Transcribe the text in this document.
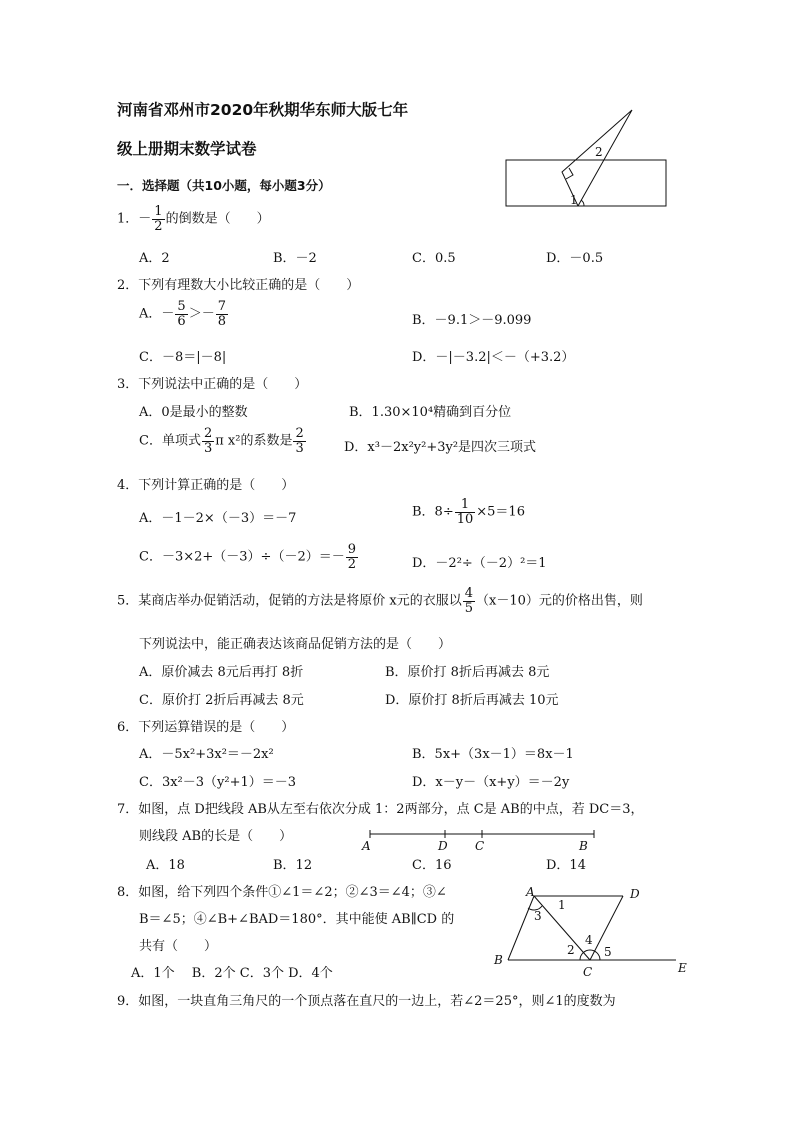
河南省邓州市2020年秋期华东师大版七年
级上册期末数学试卷
一．选择题（共10小题，每小题3分）
1
2
1．－ $\frac{1}{2}$ 的倒数是（　　）
A．2	B．－2	C．0.5	D．－0.5
2．下列有理数大小比较正确的是（　　）
A．－ $\frac{5}{6} >- \frac{7}{8}$	B．－9.1＞－9.099
C．－8＝|－8|	D．－|－3.2|＜－（+3.2）
3．下列说法中正确的是（　　）
A．0是最小的整数	B．1.30×10⁴精确到百分位
C．单项式 $\frac{2}{3}$ π x²的系数是 $\frac{2}{3}$	D．x³－2x²y²+3y²是四次三项式
4．下列计算正确的是（　　）
A．－1－2×（－3）＝－7	B．$8\div \frac{1}{10} \times 5=16$
C．$-3\times 2+(-3)\div(-2)=- \frac{9}{2}$	D．－2²÷（－2）²＝1
5．某商店举办促销活动，促销的方法是将原价 x元的衣服以 $\frac{4}{5} (x-10)$元的价格出售，则
下列说法中，能正确表达该商品促销方法的是（　　）
A．原价减去 8元后再打 8折	B．原价打 8折后再减去 8元
C．原价打 2折后再减去 8元	D．原价打 8折后再减去 10元
6．下列运算错误的是（　　）
A．－5x²+3x²＝－2x²	B．5x+（3x－1）＝8x－1
C．3x²－3（y²+1）＝－3	D．x－y－（x+y）＝－2y
7．如图，点 D把线段 AB从左至右依次分成 1：2两部分，点 C是 AB的中点，若 DC＝3，
则线段 AB的长是（　　）
A	D C	B
A．18	B．12	C．16	D．14
8．如图，给下列四个条件①∠1＝∠2；②∠3＝∠4；③∠
B＝∠5；④∠B+∠BAD＝180°．其中能使 AB∥CD 的
共有（　　）
A．1个　 B．2个 C．3个 D．4个
A	D
B
C	E
1
3
2
4
5
9．如图，一块直角三角尺的一个顶点落在直尺的一边上，若∠2＝25°，则∠1的度数为
